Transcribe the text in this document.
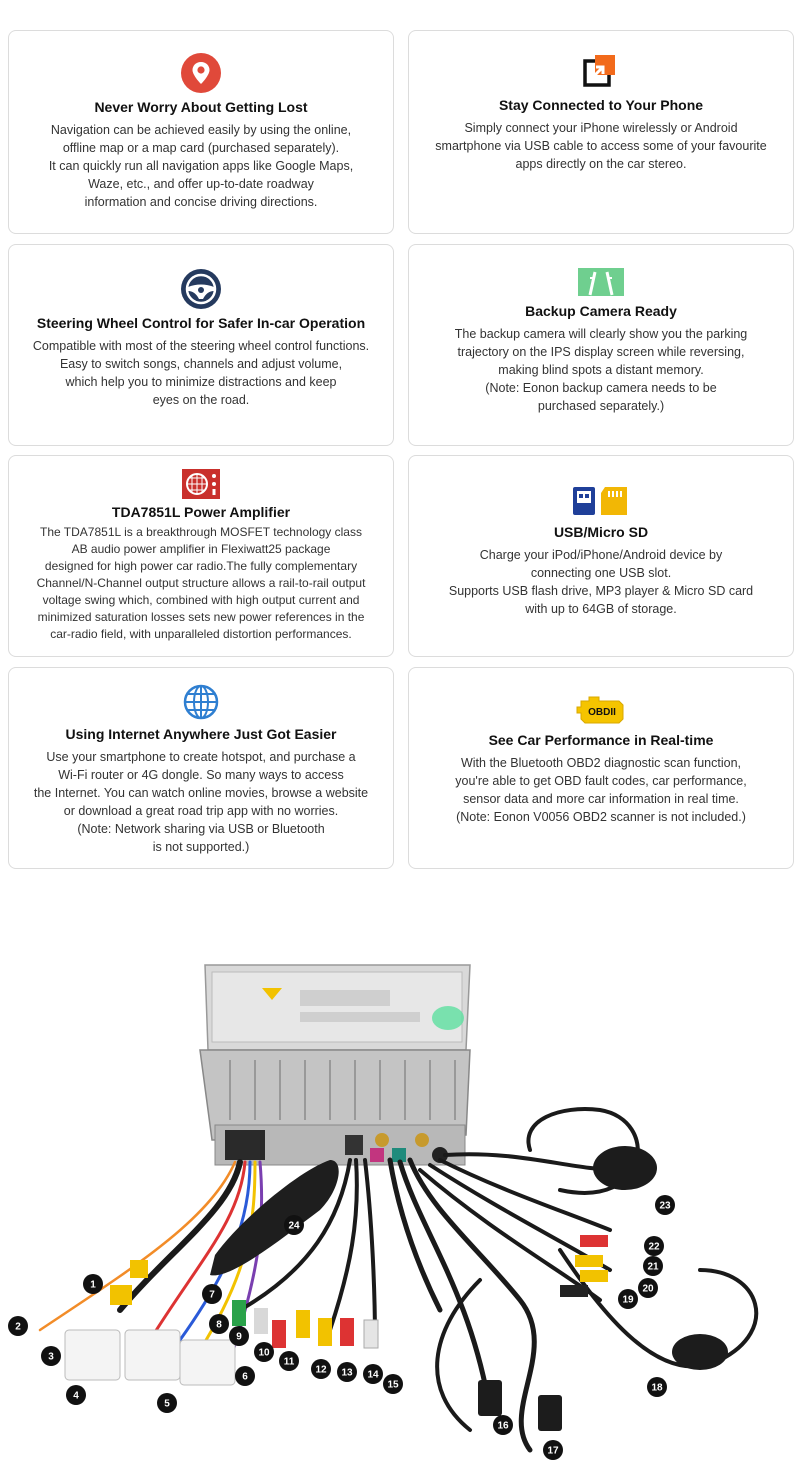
Never Worry About Getting Lost

Navigation can be achieved easily by using the online,
offline map or a map card (purchased separately).
It can quickly run all navigation apps like Google Maps,
Waze, etc., and offer up-to-date roadway
information and concise driving directions.

Stay Connected to Your Phone

Simply connect your iPhone wirelessly or Android
smartphone via USB cable to access some of your favourite
apps directly on the car stereo.

Steering Wheel Control for Safer In-car Operation

Compatible with most of the steering wheel control functions.
Easy to switch songs, channels and adjust volume,
which help you to minimize distractions and keep
eyes on the road.

Backup Camera Ready

The backup camera will clearly show you the parking
trajectory on the IPS display screen while reversing,
making blind spots a distant memory.
(Note: Eonon backup camera needs to be
purchased separately.)

TDA7851L Power Amplifier

The TDA7851L is a breakthrough MOSFET technology class
AB audio power amplifier in Flexiwatt25 package
designed for high power car radio.The fully complementary
Channel/N-Channel output structure allows a rail-to-rail output
voltage swing which, combined with high output current and
minimized saturation losses sets new power references in the
car-radio field, with unparalleled distortion performances.

USB/Micro SD

Charge your iPod/iPhone/Android device by
connecting one USB slot.
Supports USB flash drive, MP3 player & Micro SD card
with up to 64GB of storage.

Using Internet Anywhere Just Got Easier

Use your smartphone to create hotspot, and purchase a
Wi-Fi router or 4G dongle. So many ways to access
the Internet. You can watch online movies, browse a website
or download a great road trip app with no worries.
(Note: Network sharing via USB or Bluetooth
is not supported.)

OBDII
See Car Performance in Real-time

With the Bluetooth OBD2 diagnostic scan function,
you're able to get OBD fault codes, car performance,
sensor data and more car information in real time.
(Note: Eonon V0056 OBD2 scanner is not included.)

1
2
3
4
5
6
7
8
9
10
11
12 13 14
15
16
17
18
19
20
21
22
23
24
